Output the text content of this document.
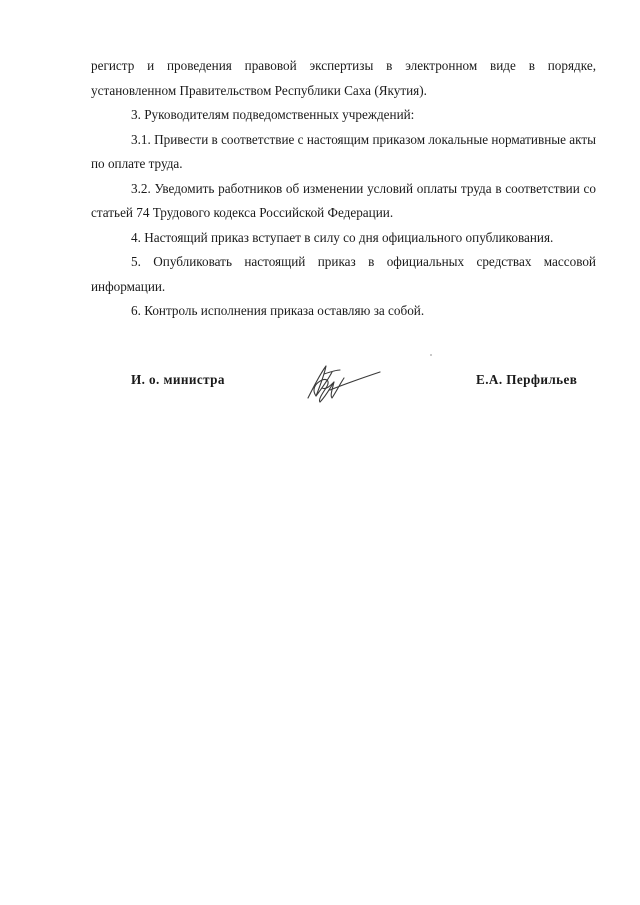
регистр и проведения правовой экспертизы в электронном виде в порядке, установленном Правительством Республики Саха (Якутия).

3. Руководителям подведомственных учреждений:

3.1. Привести в соответствие с настоящим приказом локальные нормативные акты по оплате труда.

3.2. Уведомить работников об изменении условий оплаты труда в соответствии со статьей 74 Трудового кодекса Российской Федерации.

4. Настоящий приказ вступает в силу со дня официального опубликования.

5. Опубликовать настоящий приказ в официальных средствах массовой информации.

6. Контроль исполнения приказа оставляю за собой.

И. о. министра	Е.А. Перфильев
